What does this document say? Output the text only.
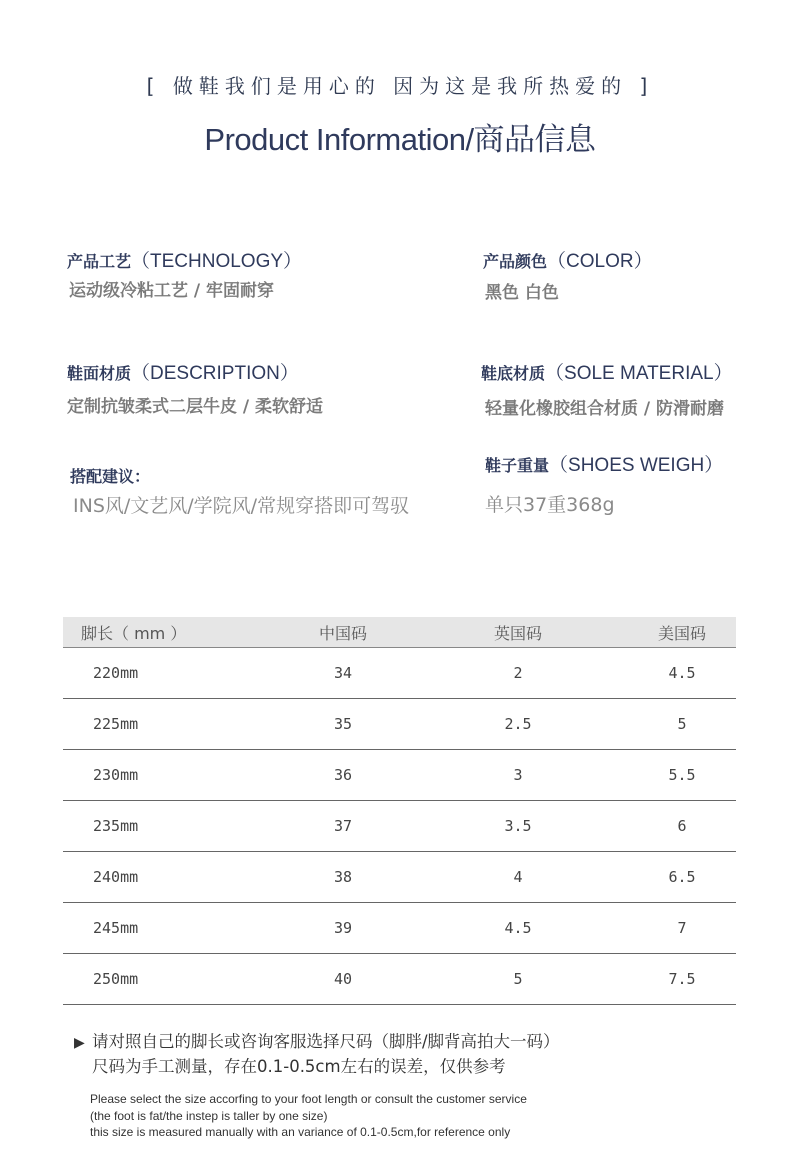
[ 做鞋我们是用心的 因为这是我所热爱的 ]
Product Information/商品信息
产品工艺（TECHNOLOGY）
运动级冷粘工艺 / 牢固耐穿
产品颜色（COLOR）
黑色 白色
鞋面材质（DESCRIPTION）
定制抗皱柔式二层牛皮 / 柔软舒适
鞋底材质（SOLE MATERIAL）
轻量化橡胶组合材质 / 防滑耐磨
搭配建议：
INS风/文艺风/学院风/常规穿搭即可驾驭
鞋子重量（SHOES WEIGH）
单只37重368g
脚长（ mm ）	中国码	英国码	美国码
220mm	34	2	4.5
225mm	35	2.5	5
230mm	36	3	5.5
235mm	37	3.5	6
240mm	38	4	6.5
245mm	39	4.5	7
250mm	40	5	7.5
▶ 请对照自己的脚长或咨询客服选择尺码（脚胖/脚背高拍大一码）
尺码为手工测量，存在0.1-0.5cm左右的误差，仅供参考
Please select the size accorfing to your foot length or consult the customer service
(the foot is fat/the instep is taller by one size)
this size is measured manually with an variance of 0.1-0.5cm,for reference only
